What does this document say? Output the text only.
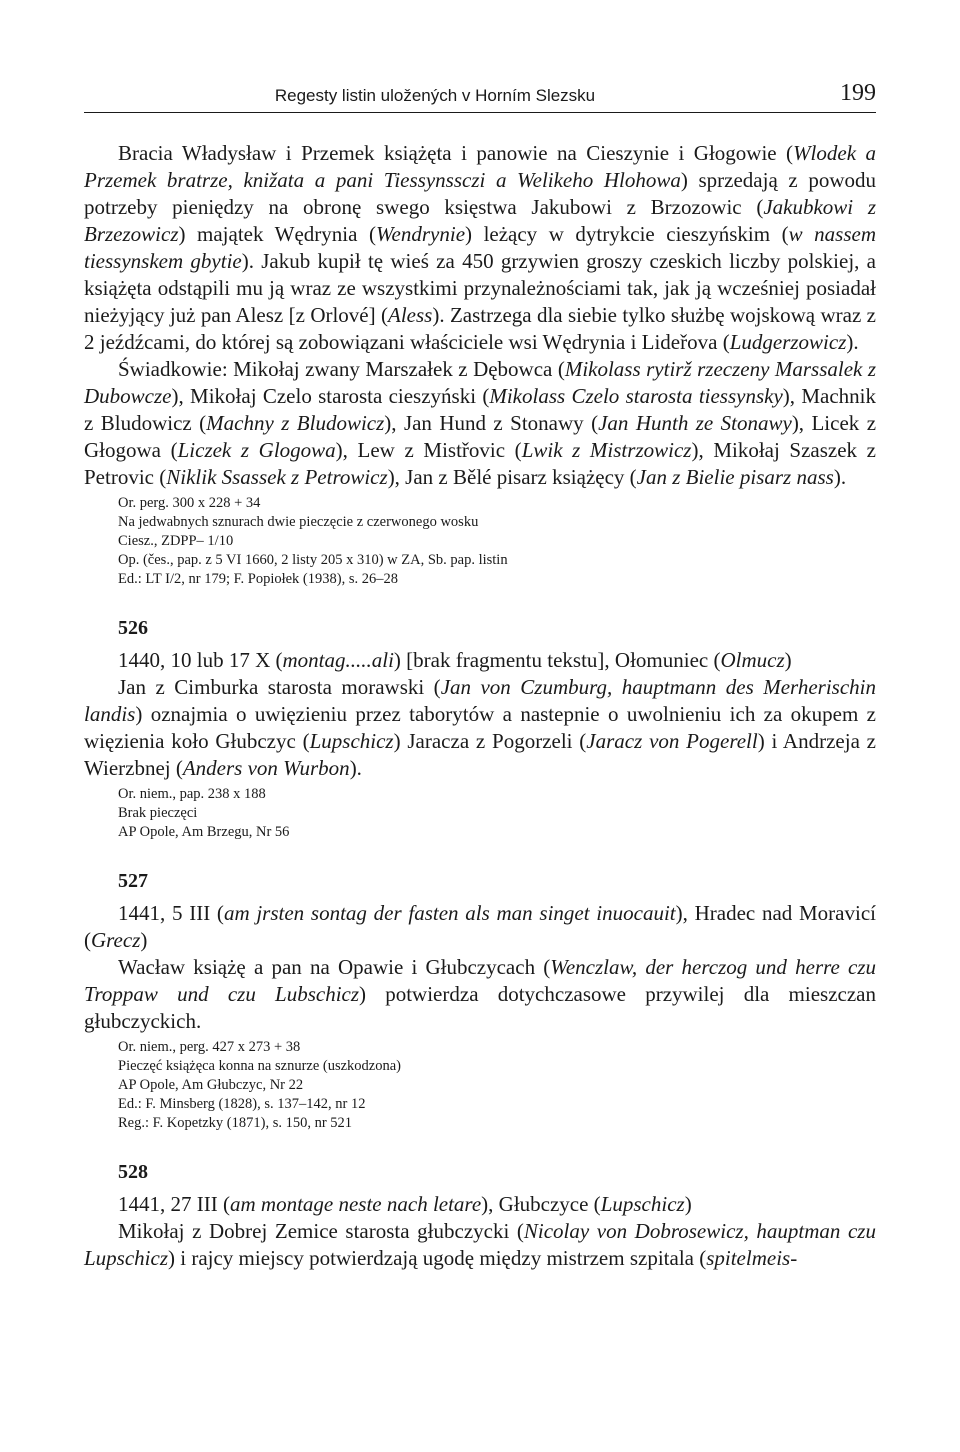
Regesty listin uložených v Horním Slezsku	199

Bracia Władysław i Przemek książęta i panowie na Cieszynie i Głogowie (Wlodek a Przemek bratrze, knižata a pani Tiessynssczi a Welikeho Hlohowa) sprzedają z powodu potrzeby pieniędzy na obronę swego księstwa Jakubowi z Brzozowic (Jakubkowi z Brzezowicz) majątek Wędrynia (Wendrynie) leżący w dytrykcie cieszyńskim (w nassem tiessynskem gbytie). Jakub kupił tę wieś za 450 grzywien groszy czeskich liczby polskiej, a książęta odstąpili mu ją wraz ze wszystkimi przynależnościami tak, jak ją wcześniej posiadał nieżyjący już pan Alesz [z Orlové] (Aless). Zastrzega dla siebie tylko służbę wojskową wraz z 2 jeźdźcami, do której są zobowiązani właściciele wsi Wędrynia i Lideřova (Ludgerzowicz).

Świadkowie: Mikołaj zwany Marszałek z Dębowca (Mikolass rytirž rzeczeny Marssalek z Dubowcze), Mikołaj Czelo starosta cieszyński (Mikolass Czelo starosta tiessynsky), Machnik z Bludowicz (Machny z Bludowicz), Jan Hund z Stonawy (Jan Hunth ze Stonawy), Licek z Głogowa (Liczek z Glogowa), Lew z Mistřovic (Lwik z Mistrzowicz), Mikołaj Szaszek z Petrovic (Niklik Ssassek z Petrowicz), Jan z Bělé pisarz książęcy (Jan z Bielie pisarz nass).

Or. perg. 300 x 228 + 34
Na jedwabnych sznurach dwie pieczęcie z czerwonego wosku
Ciesz., ZDPP– 1/10
Op. (čes., pap. z 5 VI 1660, 2 listy 205 x 310) w ZA, Sb. pap. listin
Ed.: LT I/2, nr 179; F. Popiołek (1938), s. 26–28
526

1440, 10 lub 17 X (montag.....ali) [brak fragmentu tekstu], Ołomuniec (Olmucz)

Jan z Cimburka starosta morawski (Jan von Czumburg, hauptmann des Merherischin landis) oznajmia o uwięzieniu przez taborytów a nastepnie o uwolnieniu ich za okupem z więzienia koło Głubczyc (Lupschicz) Jaracza z Pogorzeli (Jaracz von Pogerell) i Andrzeja z Wierzbnej (Anders von Wurbon).

Or. niem., pap. 238 x 188
Brak pieczęci
AP Opole, Am Brzegu, Nr 56
527

1441, 5 III (am jrsten sontag der fasten als man singet inuocauit), Hradec nad Moravicí (Grecz)

Wacław książę a pan na Opawie i Głubczycach (Wenczlaw, der herczog und herre czu Troppaw und czu Lubschicz) potwierdza dotychczasowe przywilej dla mieszczan głubczyckich.

Or. niem., perg. 427 x 273 + 38
Pieczęć książęca konna na sznurze (uszkodzona)
AP Opole, Am Głubczyc, Nr 22
Ed.: F. Minsberg (1828), s. 137–142, nr 12
Reg.: F. Kopetzky (1871), s. 150, nr 521
528

1441, 27 III (am montage neste nach letare), Głubczyce (Lupschicz)

Mikołaj z Dobrej Zemice starosta głubczycki (Nicolay von Dobrosewicz, hauptman czu Lupschicz) i rajcy miejscy potwierdzają ugodę między mistrzem szpitala (spitelmeis-
